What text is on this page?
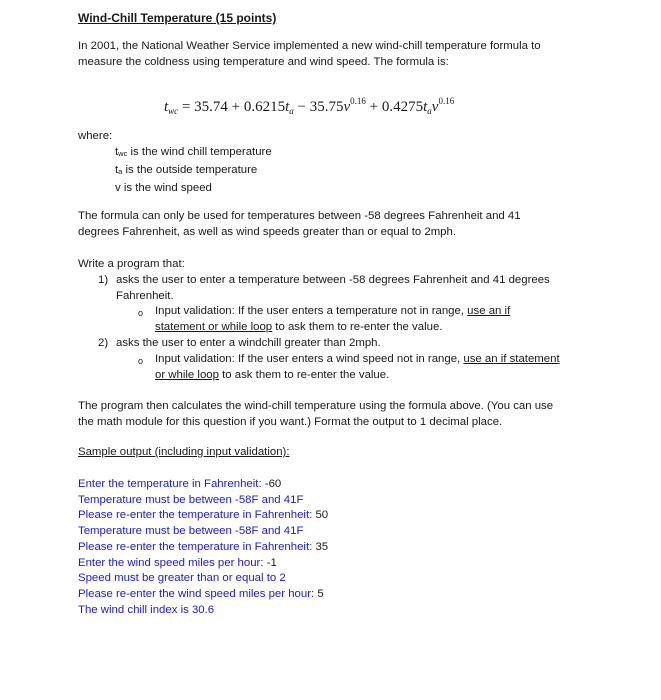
Wind-Chill Temperature (15 points)

In 2001, the National Weather Service implemented a new wind-chill temperature formula to
measure the coldness using temperature and wind speed. The formula is:
$t_{wc} = 35.74 + 0.6215t_a - 35.75v^{0.16} + 0.4275t_av^{0.16}$
where:
$t_{wc}$ is the wind chill temperature
$t_a$ is the outside temperature
v is the wind speed
The formula can only be used for temperatures between -58 degrees Fahrenheit and 41
degrees Fahrenheit, as well as wind speeds greater than or equal to 2mph.
Write a program that:
1) asks the user to enter a temperature between -58 degrees Fahrenheit and 41 degrees
Fahrenheit.
o Input validation: If the user enters a temperature not in range, use an if
statement or while loop to ask them to re-enter the value.
2) asks the user to enter a windchill greater than 2mph.
o Input validation: If the user enters a wind speed not in range, use an if statement
or while loop to ask them to re-enter the value.
The program then calculates the wind-chill temperature using the formula above. (You can use
the math module for this question if you want.) Format the output to 1 decimal place.
Sample output (including input validation):
Enter the temperature in Fahrenheit: -60
Temperature must be between -58F and 41F
Please re-enter the temperature in Fahrenheit: 50
Temperature must be between -58F and 41F
Please re-enter the temperature in Fahrenheit: 35
Enter the wind speed miles per hour: -1
Speed must be greater than or equal to 2
Please re-enter the wind speed miles per hour: 5
The wind chill index is 30.6
